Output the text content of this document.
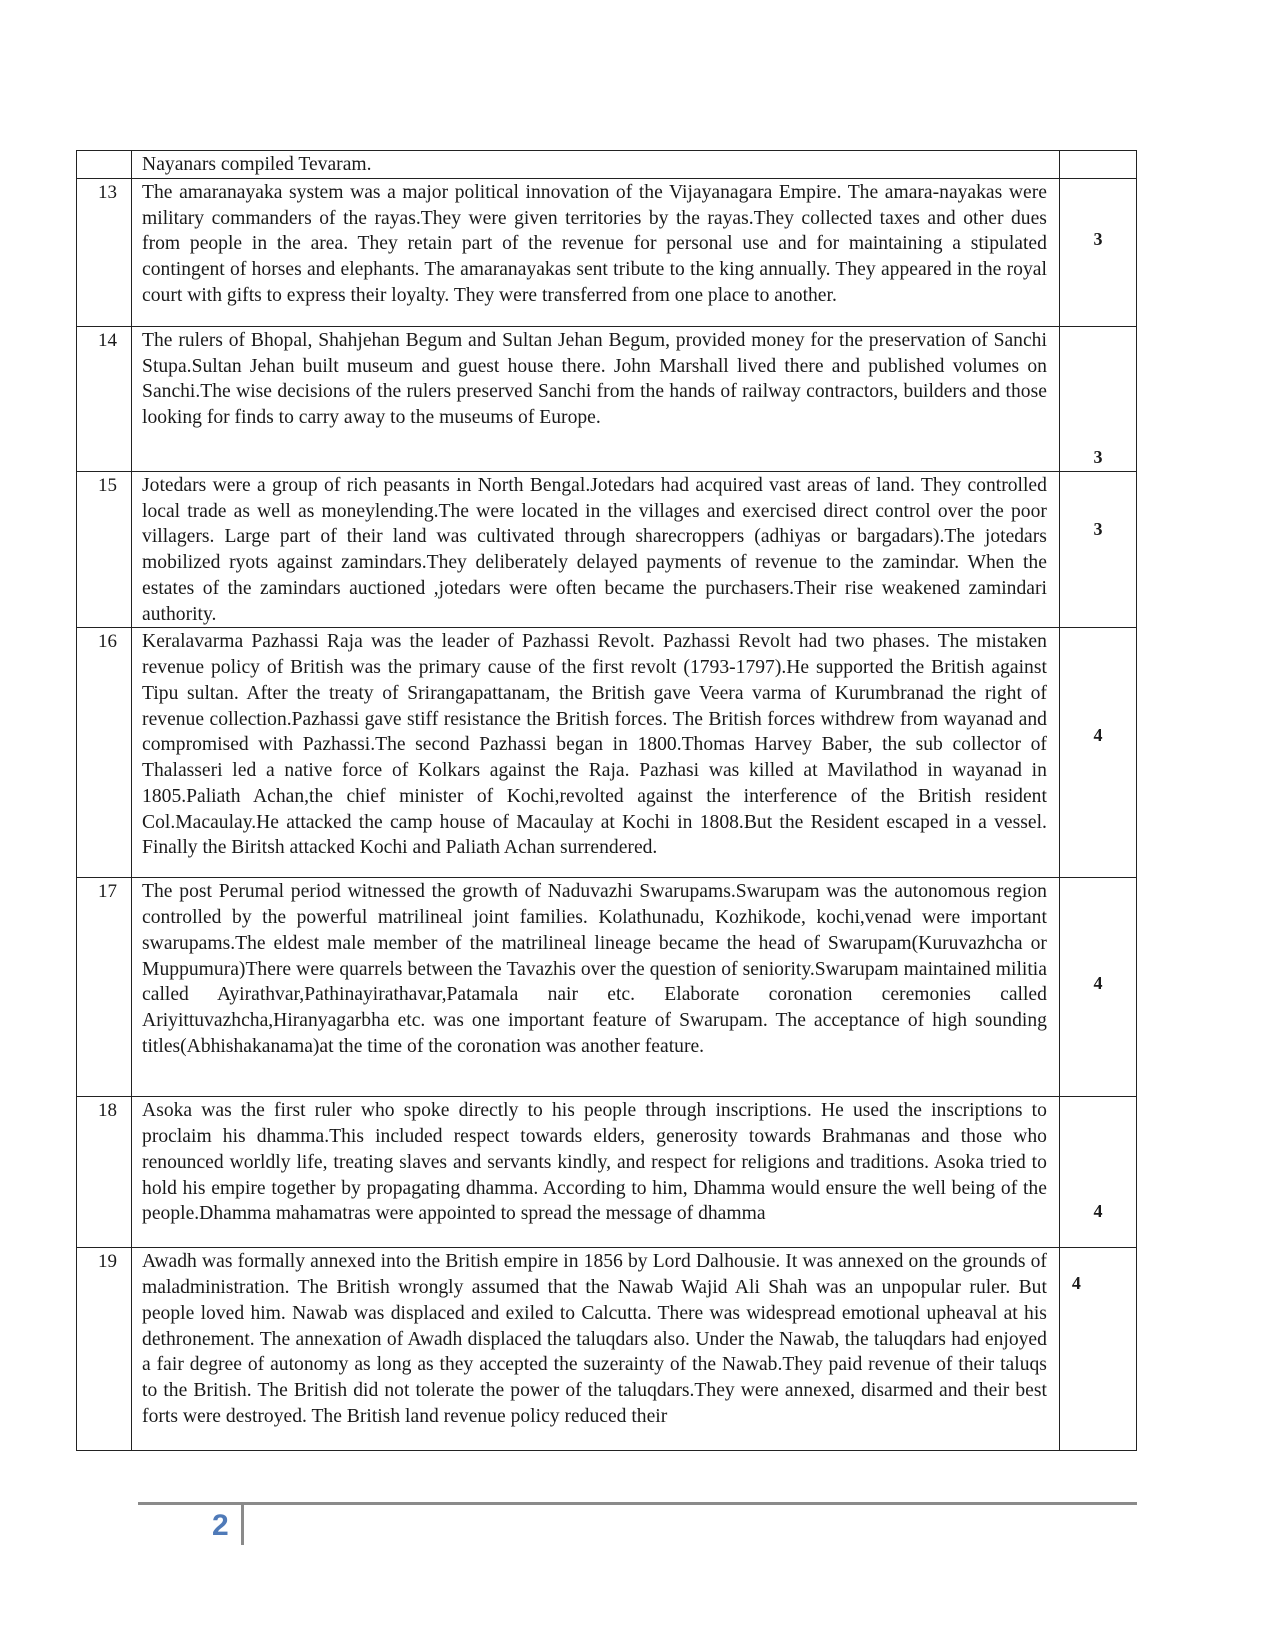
	Nayanars compiled Tevaram.	
13	The amaranayaka system was a major political innovation of the Vijayanagara Empire. The amara-nayakas were military commanders of the rayas.They were given territories by the rayas.They collected taxes and other dues from people in the area. They retain part of the revenue for personal use and for maintaining a stipulated contingent of horses and elephants. The amaranayakas sent tribute to the king annually. They appeared in the royal court with gifts to express their loyalty. They were transferred from one place to another.	3

14	The rulers of Bhopal, Shahjehan Begum and Sultan Jehan Begum, provided money for the preservation of Sanchi Stupa.Sultan Jehan built museum and guest house there. John Marshall lived there and published volumes on Sanchi.The wise decisions of the rulers preserved Sanchi from the hands of railway contractors, builders and those looking for finds to carry away to the museums of Europe.	3

15	Jotedars were a group of rich peasants in North Bengal.Jotedars had acquired vast areas of land. They controlled local trade as well as moneylending.The were located in the villages and exercised direct control over the poor villagers. Large part of their land was cultivated through sharecroppers (adhiyas or bargadars).The jotedars mobilized ryots against zamindars.They deliberately delayed payments of revenue to the zamindar. When the estates of the zamindars auctioned ,jotedars were often became the purchasers.Their rise weakened zamindari authority.	3

16	Keralavarma Pazhassi Raja was the leader of Pazhassi Revolt. Pazhassi Revolt had two phases. The mistaken revenue policy of British was the primary cause of the first revolt (1793-1797).He supported the British against Tipu sultan. After the treaty of Srirangapattanam, the British gave Veera varma of Kurumbranad the right of revenue collection.Pazhassi gave stiff resistance the British forces. The British forces withdrew from wayanad and compromised with Pazhassi.The second Pazhassi began in 1800.Thomas Harvey Baber, the sub collector of Thalasseri led a native force of Kolkars against the Raja. Pazhasi was killed at Mavilathod in wayanad in 1805.Paliath Achan,the chief minister of Kochi,revolted against the interference of the British resident Col.Macaulay.He attacked the camp house of Macaulay at Kochi in 1808.But the Resident escaped in a vessel. Finally the Biritsh attacked Kochi and Paliath Achan surrendered.	4

17	The post Perumal period witnessed the growth of Naduvazhi Swarupams.Swarupam was the autonomous region controlled by the powerful matrilineal joint families. Kolathunadu, Kozhikode, kochi,venad were important swarupams.The eldest male member of the matrilineal lineage became the head of Swarupam(Kuruvazhcha or Muppumura)There were quarrels between the Tavazhis over the question of seniority.Swarupam maintained militia called Ayirathvar,Pathinayirathavar,Patamala nair etc. Elaborate coronation ceremonies called Ariyittuvazhcha,Hiranyagarbha etc. was one important feature of Swarupam. The acceptance of high sounding titles(Abhishakanama)at the time of the coronation was another feature.	4

18	Asoka was the first ruler who spoke directly to his people through inscriptions. He used the inscriptions to proclaim his dhamma.This included respect towards elders, generosity towards Brahmanas and those who renounced worldly life, treating slaves and servants kindly, and respect for religions and traditions. Asoka tried to hold his empire together by propagating dhamma. According to him, Dhamma would ensure the well being of the people.Dhamma mahamatras were appointed to spread the message of dhamma	4

19	Awadh was formally annexed into the British empire in 1856 by Lord Dalhousie. It was annexed on the grounds of maladministration. The British wrongly assumed that the Nawab Wajid Ali Shah was an unpopular ruler. But people loved him. Nawab was displaced and exiled to Calcutta. There was widespread emotional upheaval at his dethronement. The annexation of Awadh displaced the taluqdars also. Under the Nawab, the taluqdars had enjoyed a fair degree of autonomy as long as they accepted the suzerainty of the Nawab.They paid revenue of their taluqs to the British. The British did not tolerate the power of the taluqdars.They were annexed, disarmed and their best forts were destroyed. The British land revenue policy reduced their	4
2
